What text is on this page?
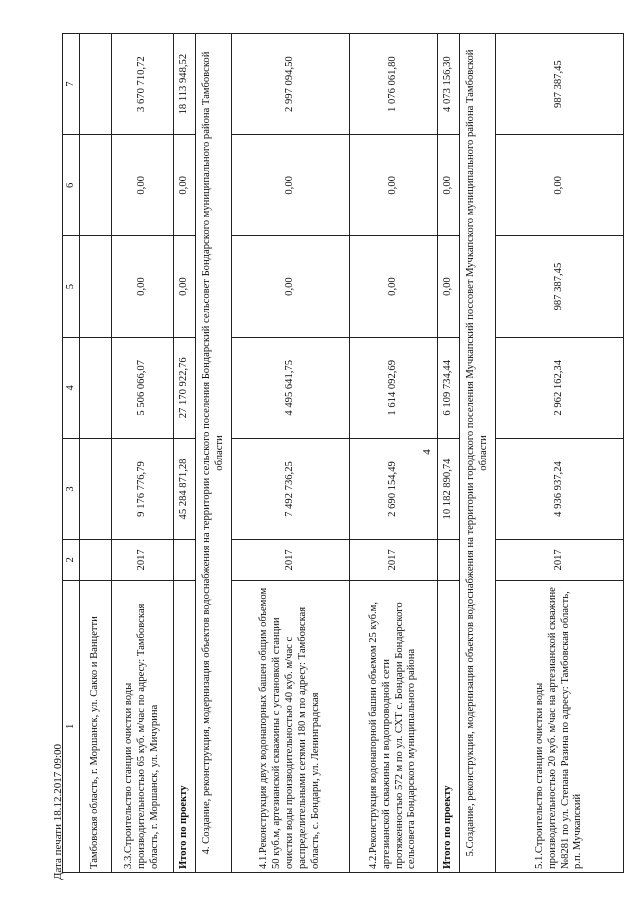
4
1	2	3	4	5	6	7
Тамбовская область, г. Моршанск, ул. Сакко и Ванцетти						
3.3.Строительство станции очистки воды производительностью 65 куб. м/час по адресу: Тамбовская область, г. Моршанск, ул. Мичурина	2017	9 176 776,79	5 506 066,07	0,00	0,00	3 670 710,72
Итого по проекту		45 284 871,28	27 170 922,76	0,00	0,00	18 113 948,52
4. Создание, реконструкция, модернизация объектов водоснабжения на территории сельского поселения Бондарский сельсовет Бондарского муниципального района Тамбовской области						
4.1.Реконструкция двух водонапорных башен общим объемом 50 куб.м, артезианской скважины с установкой станции очистки воды производительностью 40 куб. м/час с распределительными сетями 180 м по адресу: Тамбовская область, с. Бондари, ул. Ленинградская	2017	7 492 736,25	4 495 641,75	0,00	0,00	2 997 094,50
4.2.Реконструкция водонапорной башни объемом 25 куб.м, артезианской скважины и водопроводной сети протяженностью 572 м по ул. СХТ с. Бондари Бондарского сельсовета Бондарского муниципального района	2017	2 690 154,49	1 614 092,69	0,00	0,00	1 076 061,80
Итого по проекту		10 182 890,74	6 109 734,44	0,00	0,00	4 073 156,30
5.Создание, реконструкция, модернизация объектов водоснабжения на территории городского поселения Мучкапский поссовет Мучкапского муниципального района Тамбовской области						
5.1.Строительство станции очистки воды производительностью 20 куб. м/час на артезианской скважине №8281 по ул. Степана Разина по адресу: Тамбовская область, р.п. Мучкапский	2017	4 936 937,24	2 962 162,34	987 387,45	0,00	987 387,45
Дата печати 18.12.2017 09:00
